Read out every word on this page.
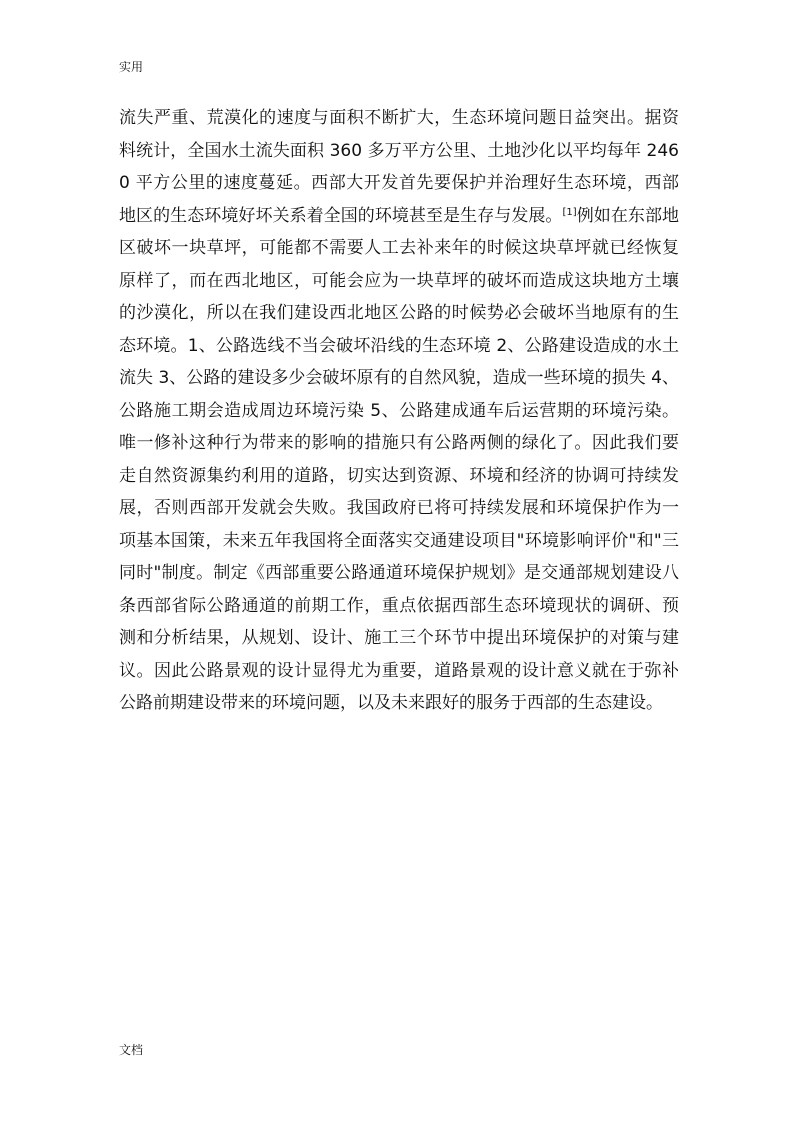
实用

流失严重、荒漠化的速度与面积不断扩大，生态环境问题日益突出。据资料统计，全国水土流失面积 360 多万平方公里、土地沙化以平均每年 2460 平方公里的速度蔓延。西部大开发首先要保护并治理好生态环境，西部地区的生态环境好坏关系着全国的环境甚至是生存与发展。[1]例如在东部地区破坏一块草坪，可能都不需要人工去补来年的时候这块草坪就已经恢复原样了，而在西北地区，可能会应为一块草坪的破坏而造成这块地方土壤的沙漠化，所以在我们建设西北地区公路的时候势必会破坏当地原有的生态环境。1、公路选线不当会破坏沿线的生态环境 2、公路建设造成的水土流失 3、公路的建设多少会破坏原有的自然风貌，造成一些环境的损失 4、公路施工期会造成周边环境污染 5、公路建成通车后运营期的环境污染。唯一修补这种行为带来的影响的措施只有公路两侧的绿化了。因此我们要走自然资源集约利用的道路，切实达到资源、环境和经济的协调可持续发展，否则西部开发就会失败。我国政府已将可持续发展和环境保护作为一项基本国策，未来五年我国将全面落实交通建设项目"环境影响评价"和"三同时"制度。制定《西部重要公路通道环境保护规划》是交通部规划建设八条西部省际公路通道的前期工作，重点依据西部生态环境现状的调研、预测和分析结果，从规划、设计、施工三个环节中提出环境保护的对策与建议。因此公路景观的设计显得尤为重要，道路景观的设计意义就在于弥补公路前期建设带来的环境问题，以及未来跟好的服务于西部的生态建设。

文档
